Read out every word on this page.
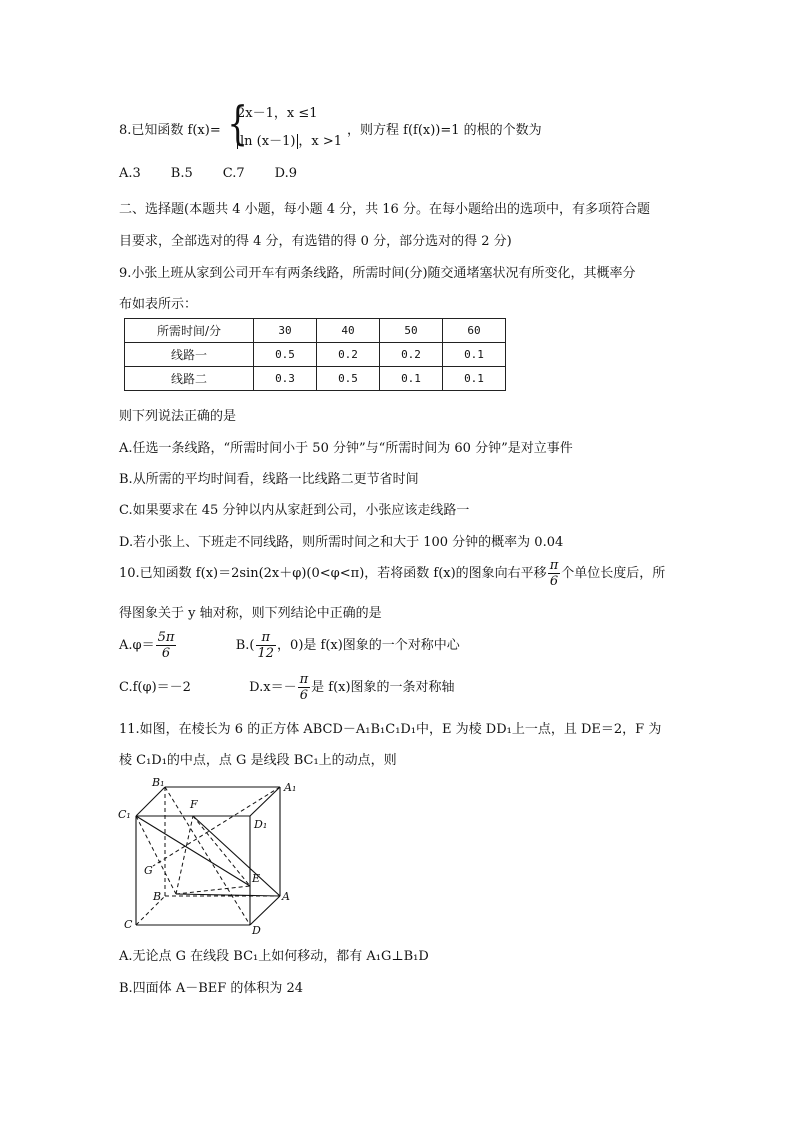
8.已知函数 f(x)= {
2x－1，x ≤1
ln (x－1) ，x >1
，则方程 f(f(x))=1 的根的个数为
A.3 B.5 C.7 D.9
二、选择题(本题共 4 小题，每小题 4 分，共 16 分。在每小题给出的选项中，有多项符合题
目要求，全部选对的得 4 分，有选错的得 0 分，部分选对的得 2 分)
9.小张上班从家到公司开车有两条线路，所需时间(分)随交通堵塞状况有所变化，其概率分
布如表所示：
所需时间/分	30	40	50	60
线路一	0.5	0.2	0.2	0.1
线路二	0.3	0.5	0.1	0.1
则下列说法正确的是
A.任选一条线路，“所需时间小于 50 分钟”与“所需时间为 60 分钟”是对立事件
B.从所需的平均时间看，线路一比线路二更节省时间
C.如果要求在 45 分钟以内从家赶到公司，小张应该走线路一
D.若小张上、下班走不同线路，则所需时间之和大于 100 分钟的概率为 0.04
10.已知函数 f(x)＝2sin(2x＋φ)(0<φ<π)，若将函数 f(x)的图象向右平移 $\frac{\pi}{6}$ 个单位长度后，所
得图象关于 y 轴对称，则下列结论中正确的是
$A.\varphi= \frac{5\pi}{6}$	$B.( \frac{\pi}{12}$ ，0)是 f(x)图象的一个对称中心
C.f(φ)＝－2	$D.x=- \frac{\pi}{6}$ 是 f(x)图象的一条对称轴
11.如图，在棱长为 6 的正方体 ABCD－A₁B₁C₁D₁中，E 为棱 DD₁上一点，且 DE＝2，F 为
棱 C₁D₁的中点，点 G 是线段 BC₁上的动点，则
B₁	A₁
C₁
D₁
F
G
E
B	A
C	D
A.无论点 G 在线段 BC₁上如何移动，都有 A₁G⊥B₁D
B.四面体 A－BEF 的体积为 24
